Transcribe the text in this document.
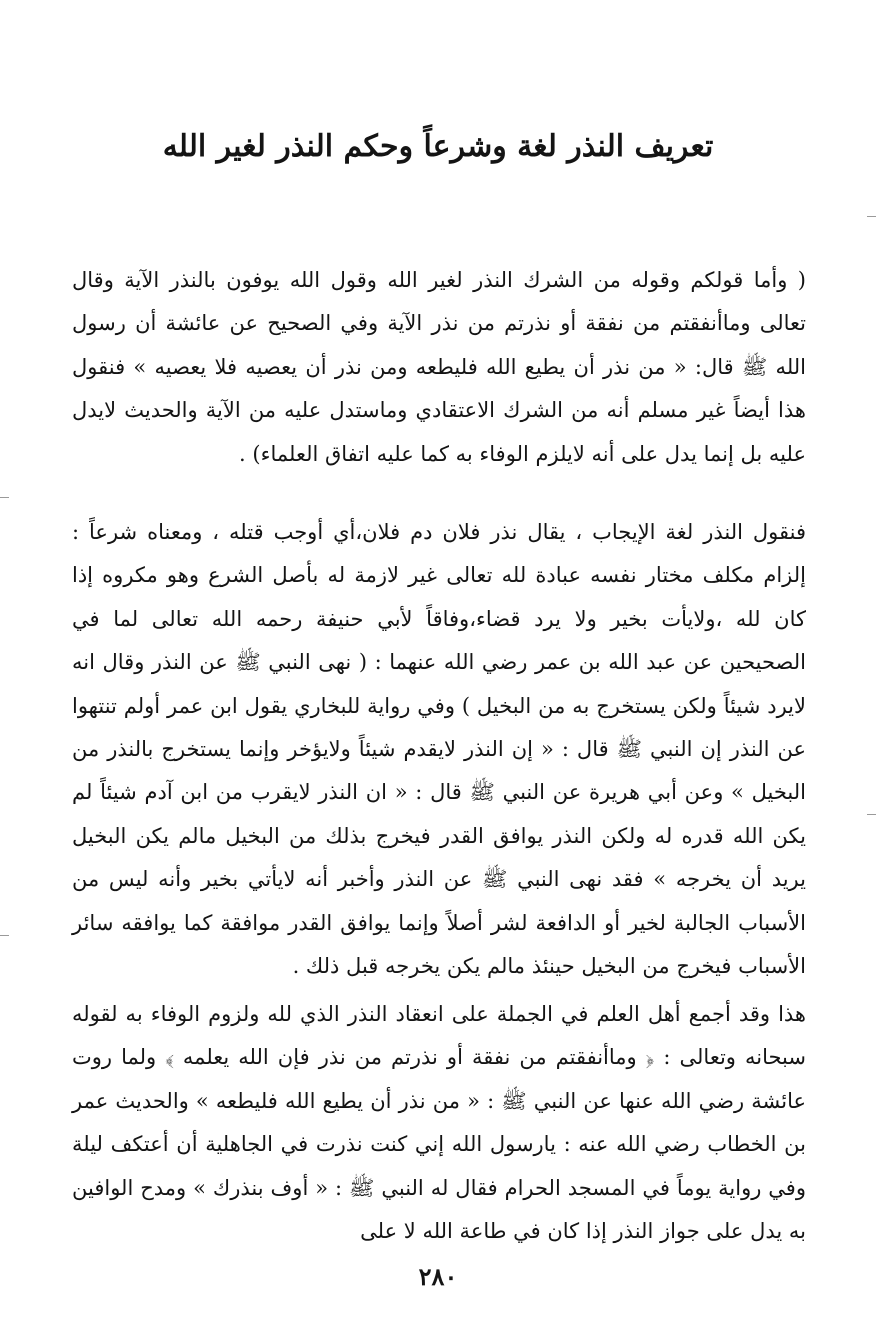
تعريف النذر لغة وشرعاً وحكم النذر لغير الله

( وأما قولكم وقوله من الشرك النذر لغير الله وقول الله يوفون بالنذر الآية وقال تعالى وماأنفقتم من نفقة أو نذرتم من نذر الآية وفي الصحيح عن عائشة أن رسول الله ﷺ قال: « من نذر أن يطيع الله فليطعه ومن نذر أن يعصيه فلا يعصيه » فنقول هذا أيضاً غير مسلم أنه من الشرك الاعتقادي وماستدل عليه من الآية والحديث لايدل عليه بل إنما يدل على أنه لايلزم الوفاء به كما عليه اتفاق العلماء) .

فنقول النذر لغة الإيجاب ، يقال نذر فلان دم فلان،أي أوجب قتله ، ومعناه شرعاً : إلزام مكلف مختار نفسه عبادة لله تعالى غير لازمة له بأصل الشرع وهو مكروه إذا كان لله ،ولايأت بخير ولا يرد قضاء،وفاقاً لأبي حنيفة رحمه الله تعالى لما في الصحيحين عن عبد الله بن عمر رضي الله عنهما : ( نهى النبي ﷺ عن النذر وقال انه لايرد شيئاً ولكن يستخرج به من البخيل ) وفي رواية للبخاري يقول ابن عمر أولم تنتهوا عن النذر إن النبي ﷺ قال : « إن النذر لايقدم شيئاً ولايؤخر وإنما يستخرج بالنذر من البخيل » وعن أبي هريرة عن النبي ﷺ قال : « ان النذر لايقرب من ابن آدم شيئاً لم يكن الله قدره له ولكن النذر يوافق القدر فيخرج بذلك من البخيل مالم يكن البخيل يريد أن يخرجه » فقد نهى النبي ﷺ عن النذر وأخبر أنه لايأتي بخير وأنه ليس من الأسباب الجالبة لخير أو الدافعة لشر أصلاً وإنما يوافق القدر موافقة كما يوافقه سائر الأسباب فيخرج من البخيل حينئذ مالم يكن يخرجه قبل ذلك .

هذا وقد أجمع أهل العلم في الجملة على انعقاد النذر الذي لله ولزوم الوفاء به لقوله سبحانه وتعالى : ﴿ وماأنفقتم من نفقة أو نذرتم من نذر فإن الله يعلمه ﴾ ولما روت عائشة رضي الله عنها عن النبي ﷺ : « من نذر أن يطيع الله فليطعه » والحديث عمر بن الخطاب رضي الله عنه : يارسول الله إني كنت نذرت في الجاهلية أن أعتكف ليلة وفي رواية يوماً في المسجد الحرام فقال له النبي ﷺ : « أوف بنذرك » ومدح الوافين به يدل على جواز النذر إذا كان في طاعة الله لا على

٢٨٠
